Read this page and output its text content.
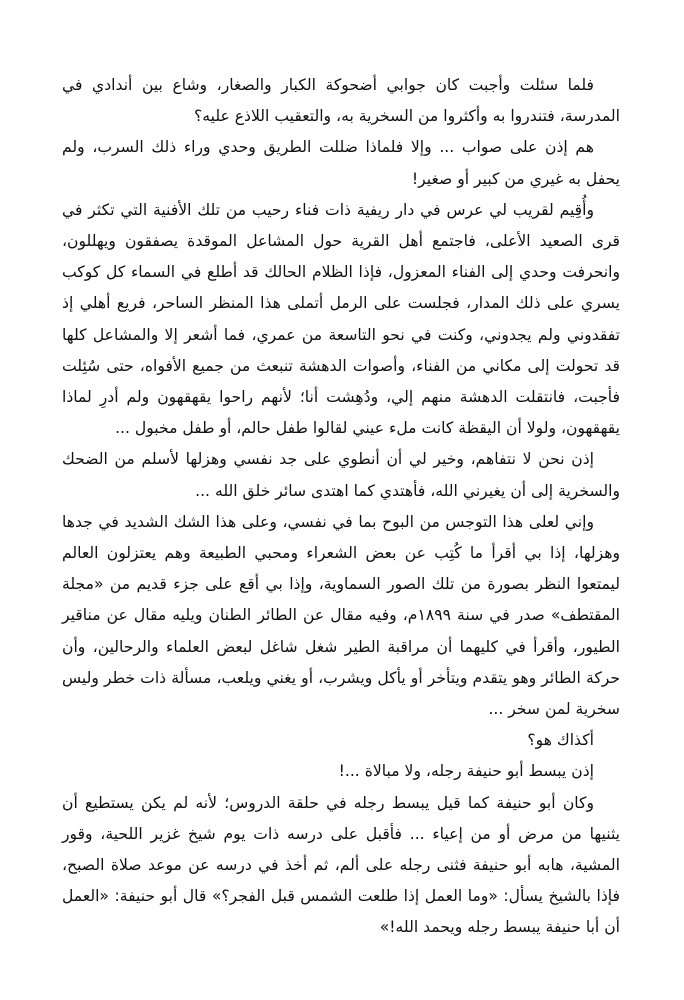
فلما سئلت وأجبت كان جوابي أضحوكة الكبار والصغار، وشاع بين أندادي في المدرسة، فتندروا به وأكثروا من السخرية به، والتعقيب اللاذع عليه؟

هم إذن على صواب ... وإلا فلماذا ضللت الطريق وحدي وراء ذلك السرب، ولم يحفل به غيري من كبير أو صغير!

وأُقِيم لقريب لي عرس في دار ريفية ذات فناء رحيب من تلك الأفنية التي تكثر في قرى الصعيد الأعلى، فاجتمع أهل القرية حول المشاعل الموقدة يصفقون ويهللون، وانحرفت وحدي إلى الفناء المعزول، فإذا الظلام الحالك قد أطلع في السماء كل كوكب يسري على ذلك المدار، فجلست على الرمل أتملى هذا المنظر الساحر، فريع أهلي إذ تفقدوني ولم يجدوني، وكنت في نحو التاسعة من عمري، فما أشعر إلا والمشاعل كلها قد تحولت إلى مكاني من الفناء، وأصوات الدهشة تنبعث من جميع الأفواه، حتى سُئِلت فأجبت، فانتقلت الدهشة منهم إلي، ودُهِشت أنا؛ لأنهم راحوا يقهقهون ولم أدرِ لماذا يقهقهون، ولولا أن اليقظة كانت ملء عيني لقالوا طفل حالم، أو طفل مخبول ...

إذن نحن لا نتفاهم، وخير لي أن أنطوي على جد نفسي وهزلها لأسلم من الضحك والسخرية إلى أن يغيرني الله، فأهتدي كما اهتدى سائر خلق الله ...

وإني لعلى هذا التوجس من البوح بما في نفسي، وعلى هذا الشك الشديد في جدها وهزلها، إذا بي أقرأ ما كُتِب عن بعض الشعراء ومحبي الطبيعة وهم يعتزلون العالم ليمتعوا النظر بصورة من تلك الصور السماوية، وإذا بي أقع على جزء قديم من «مجلة المقتطف» صدر في سنة ١٨٩٩م، وفيه مقال عن الطائر الطنان ويليه مقال عن مناقير الطيور، وأقرأ في كليهما أن مراقبة الطير شغل شاغل لبعض العلماء والرحالين، وأن حركة الطائر وهو يتقدم ويتأخر أو يأكل ويشرب، أو يغني ويلعب، مسألة ذات خطر وليس سخرية لمن سخر ...

أكذاك هو؟

إذن يبسط أبو حنيفة رجله، ولا مبالاة ...!

وكان أبو حنيفة كما قيل يبسط رجله في حلقة الدروس؛ لأنه لم يكن يستطيع أن يثنيها من مرض أو من إعياء ... فأقبل على درسه ذات يوم شيخ غزير اللحية، وقور المشية، هابه أبو حنيفة فثنى رجله على ألم، ثم أخذ في درسه عن موعد صلاة الصبح، فإذا بالشيخ يسأل: «وما العمل إذا طلعت الشمس قبل الفجر؟» قال أبو حنيفة: «العمل أن أبا حنيفة يبسط رجله ويحمد الله!»
